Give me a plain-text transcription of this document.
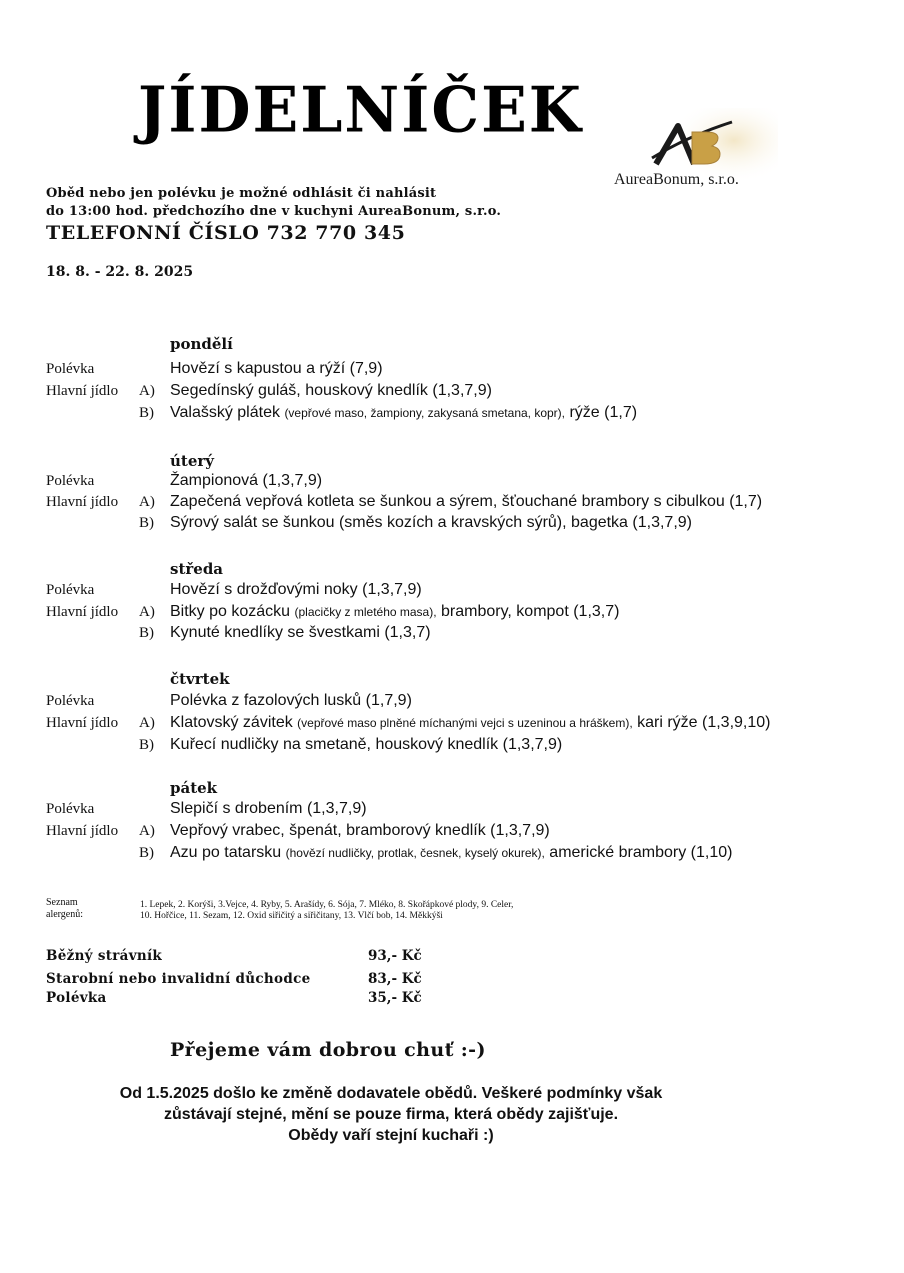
JÍDELNÍČEK
AureaBonum, s.r.o.
Oběd nebo jen polévku je možné odhlásit či nahlásit
do 13:00 hod. předchozího dne v kuchyni AureaBonum, s.r.o.
TELEFONNÍ ČÍSLO 732 770 345
18. 8. - 22. 8. 2025
pondělí
Polévka	Hovězí s kapustou a rýží (7,9)
Hlavní jídlo A) Segedínský guláš, houskový knedlík (1,3,7,9)
B) Valašský plátek (vepřové maso, žampiony, zakysaná smetana, kopr), rýže (1,7)
úterý
Polévka	Žampionová (1,3,7,9)
Hlavní jídlo A) Zapečená vepřová kotleta se šunkou a sýrem, šťouchané brambory s cibulkou (1,7)
B) Sýrový salát se šunkou (směs kozích a kravských sýrů), bagetka (1,3,7,9)
středa
Polévka	Hovězí s drožďovými noky (1,3,7,9)
Hlavní jídlo A) Bitky po kozácku (placičky z mletého masa), brambory, kompot (1,3,7)
B) Kynuté knedlíky se švestkami (1,3,7)
čtvrtek
Polévka	Polévka z fazolových lusků (1,7,9)
Hlavní jídlo A) Klatovský závitek (vepřové maso plněné míchanými vejci s uzeninou a hráškem), kari rýže (1,3,9,10)
B) Kuřecí nudličky na smetaně, houskový knedlík (1,3,7,9)
pátek
Polévka	Slepičí s drobením (1,3,7,9)
Hlavní jídlo A) Vepřový vrabec, špenát, bramborový knedlík (1,3,7,9)
B) Azu po tatarsku (hovězí nudličky, protlak, česnek, kyselý okurek), americké brambory (1,10)
Seznam
alergenů:
1. Lepek, 2. Korýši, 3.Vejce, 4. Ryby, 5. Arašídy, 6. Sója, 7. Mléko, 8. Skořápkové plody, 9. Celer,
10. Hořčice, 11. Sezam, 12. Oxid siřičitý a siřičitany, 13. Vlčí bob, 14. Měkkýši
Běžný strávník	93,- Kč
Starobní nebo invalidní důchodce	83,- Kč
Polévka	35,- Kč
Přejeme vám dobrou chuť :-)
Od 1.5.2025 došlo ke změně dodavatele obědů. Veškeré podmínky však
zůstávají stejné, mění se pouze firma, která obědy zajišťuje.
Obědy vaří stejní kuchaři :)
